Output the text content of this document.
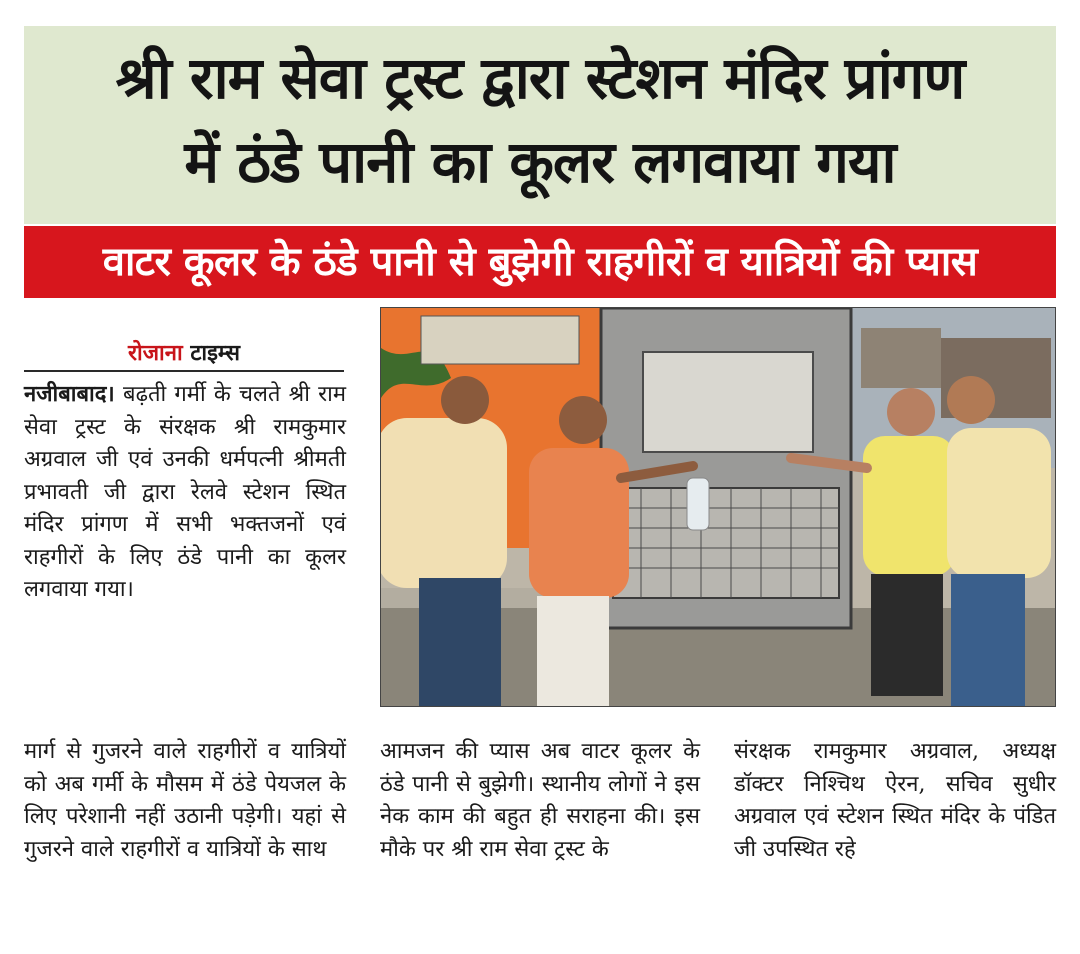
श्री राम सेवा ट्रस्ट द्वारा स्टेशन मंदिर प्रांगण
में ठंडे पानी का कूलर लगवाया गया
वाटर कूलर के ठंडे पानी से बुझेगी राहगीरों व यात्रियों की प्यास
रोजाना टाइम्स

नजीबाबाद। बढ़ती गर्मी के चलते श्री राम सेवा ट्रस्ट के संरक्षक श्री रामकुमार अग्रवाल जी एवं उनकी धर्मपत्नी श्रीमती प्रभावती जी द्वारा रेलवे स्टेशन स्थित मंदिर प्रांगण में सभी भक्तजनों एवं राहगीरों के लिए ठंडे पानी का कूलर लगवाया गया।

मार्ग से गुजरने वाले राहगीरों व यात्रियों को अब गर्मी के मौसम में ठंडे पेयजल के लिए परेशानी नहीं उठानी पड़ेगी। यहां से गुजरने वाले राहगीरों व यात्रियों के साथ

आमजन की प्यास अब वाटर कूलर के ठंडे पानी से बुझेगी। स्थानीय लोगों ने इस नेक काम की बहुत ही सराहना की। इस मौके पर श्री राम सेवा ट्रस्ट के

संरक्षक रामकुमार अग्रवाल, अध्यक्ष डॉक्टर निश्चिथ ऐरन, सचिव सुधीर अग्रवाल एवं स्टेशन स्थित मंदिर के पंडित जी उपस्थित रहे
